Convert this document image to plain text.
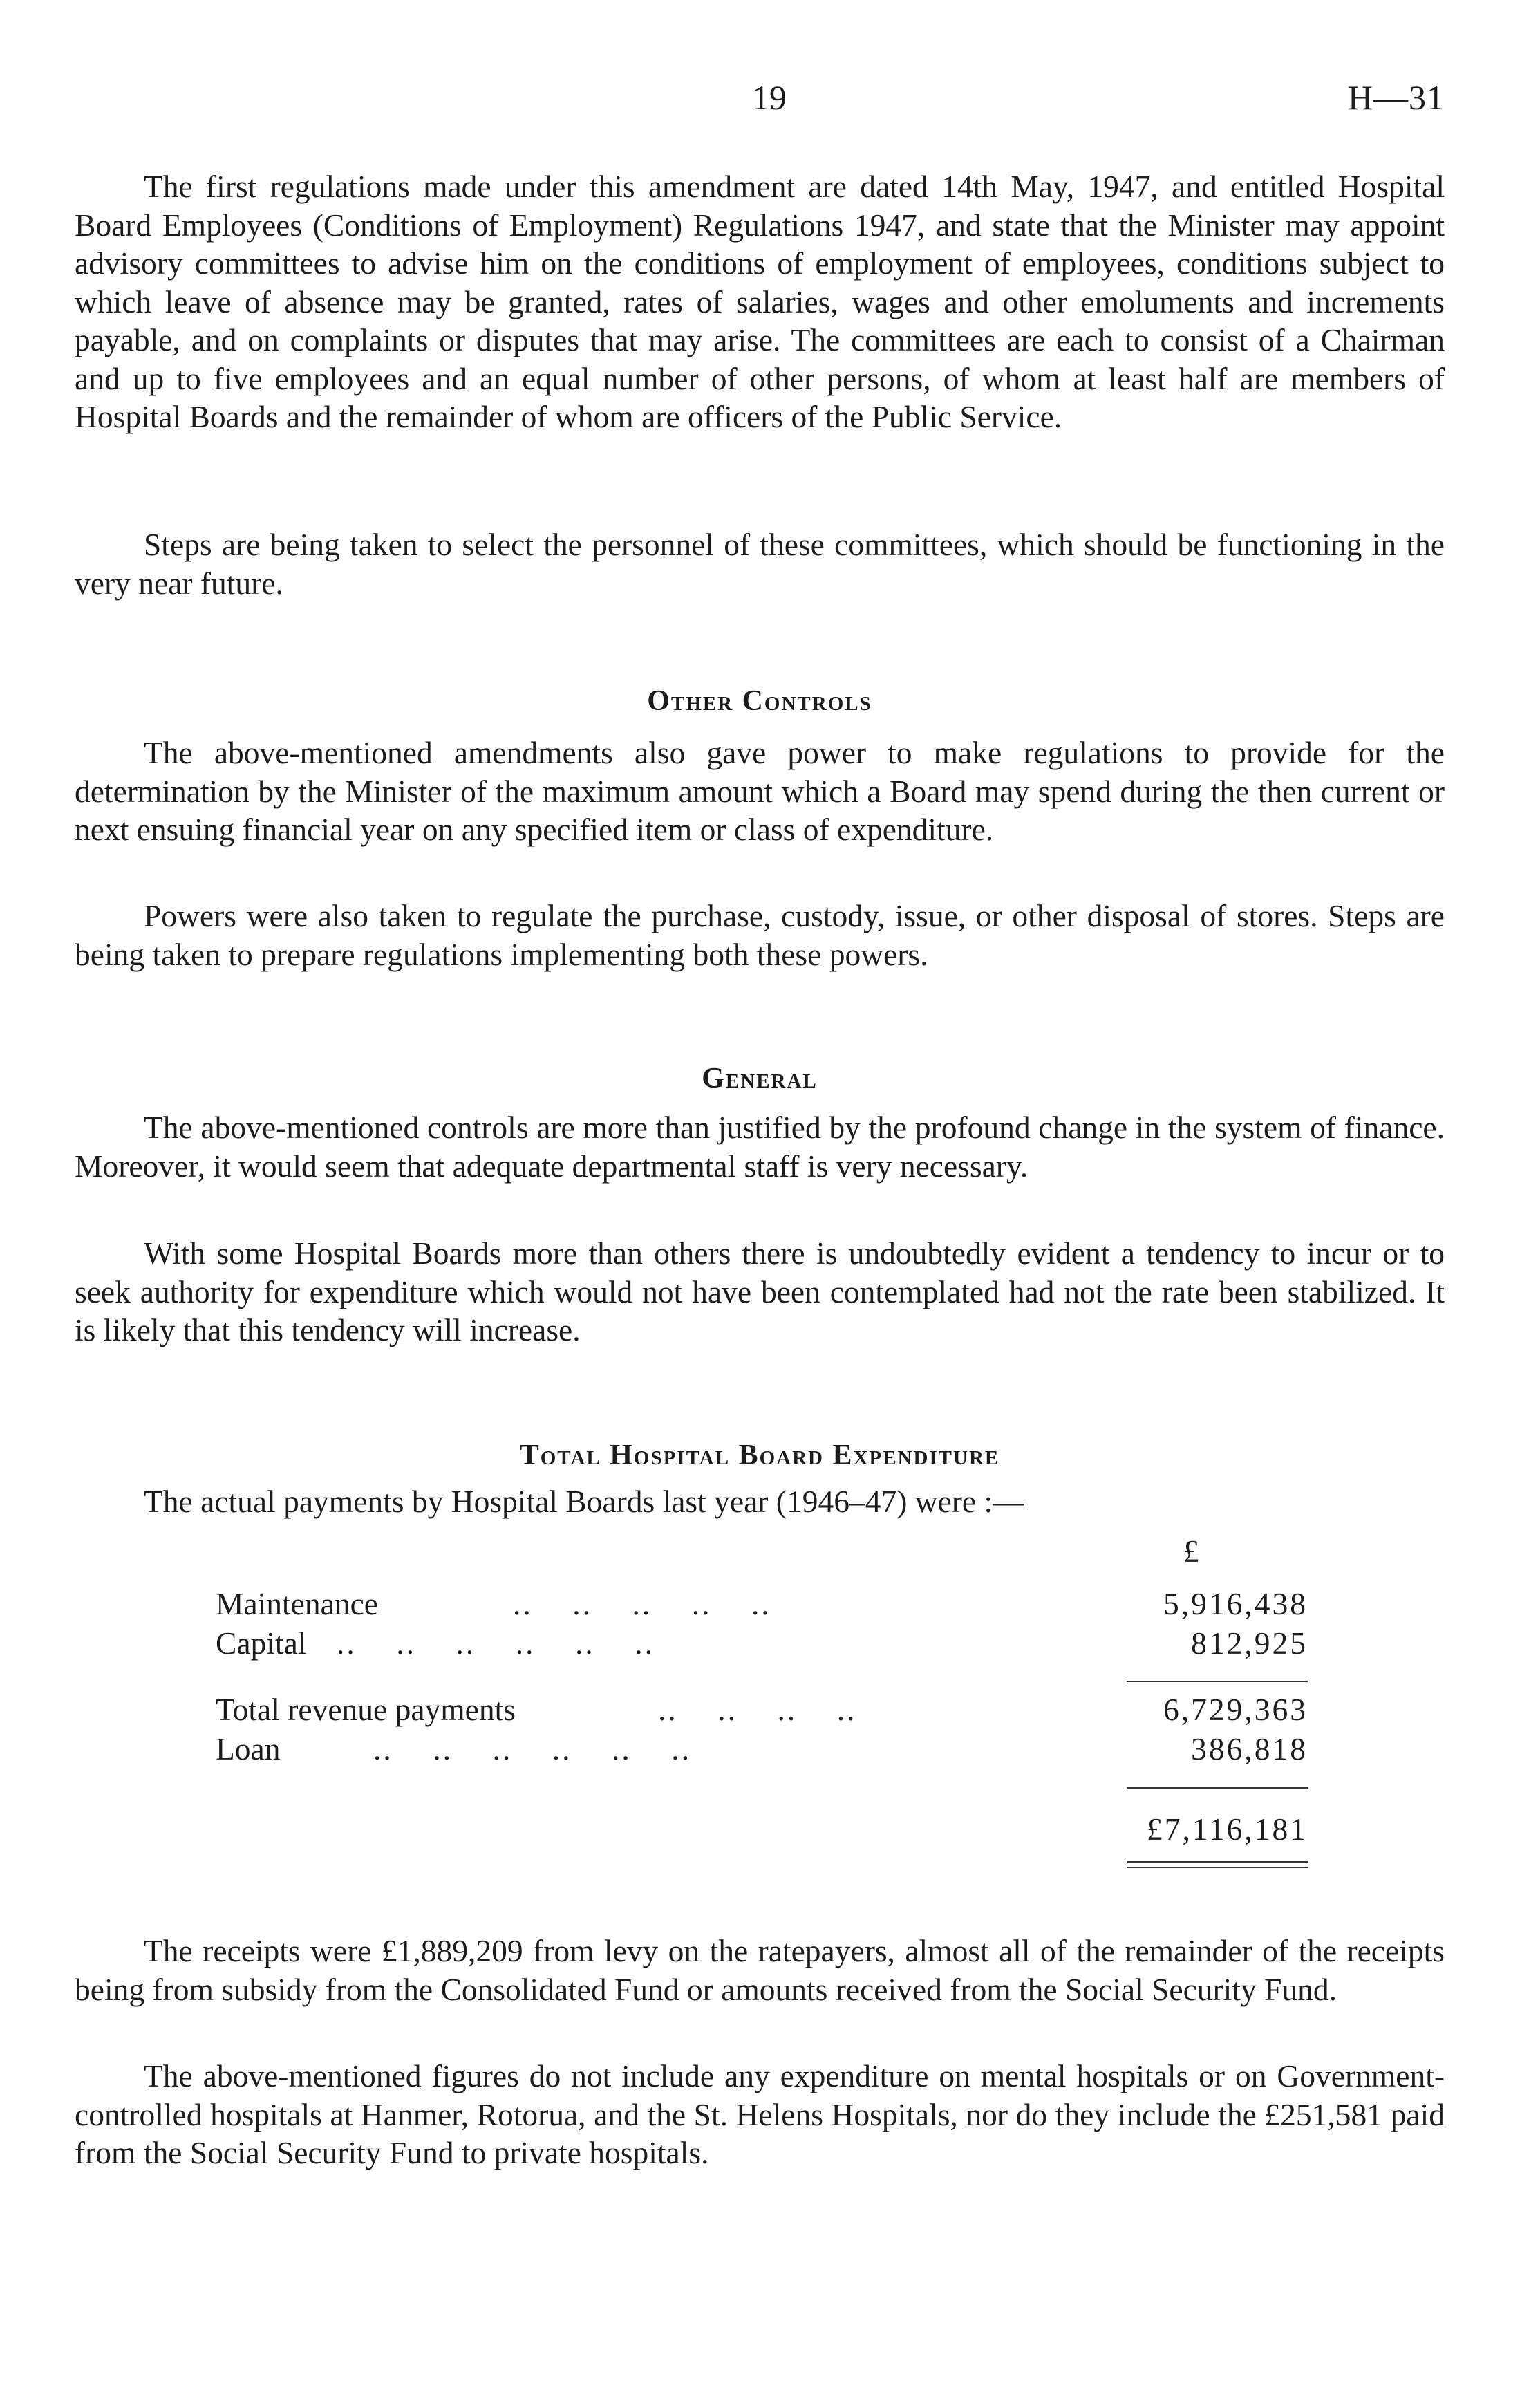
19	H—31

The first regulations made under this amendment are dated 14th May, 1947, and entitled Hospital Board Employees (Conditions of Employment) Regulations 1947, and state that the Minister may appoint advisory committees to advise him on the conditions of employment of employees, conditions subject to which leave of absence may be granted, rates of salaries, wages and other emoluments and increments payable, and on complaints or disputes that may arise. The committees are each to consist of a Chairman and up to five employees and an equal number of other persons, of whom at least half are members of Hospital Boards and the remainder of whom are officers of the Public Service.

Steps are being taken to select the personnel of these committees, which should be functioning in the very near future.

Other Controls

The above-mentioned amendments also gave power to make regulations to provide for the determination by the Minister of the maximum amount which a Board may spend during the then current or next ensuing financial year on any specified item or class of expenditure.

Powers were also taken to regulate the purchase, custody, issue, or other disposal of stores. Steps are being taken to prepare regulations implementing both these powers.

General

The above-mentioned controls are more than justified by the profound change in the system of finance. Moreover, it would seem that adequate departmental staff is very necessary.

With some Hospital Boards more than others there is undoubtedly evident a tendency to incur or to seek authority for expenditure which would not have been contemplated had not the rate been stabilized. It is likely that this tendency will increase.

Total Hospital Board Expenditure
The actual payments by Hospital Boards last year (1946–47) were :—
£
Maintenance	..    ..    ..    ..    ..	5,916,438
Capital ..    ..    ..    ..    ..    ..	812,925
Total revenue payments	..    ..    ..    ..	6,729,363
Loan	..    ..    ..    ..    ..    ..	386,818
£7,116,181

The receipts were £1,889,209 from levy on the ratepayers, almost all of the remainder of the receipts being from subsidy from the Consolidated Fund or amounts received from the Social Security Fund.

The above-mentioned figures do not include any expenditure on mental hospitals or on Government-controlled hospitals at Hanmer, Rotorua, and the St. Helens Hospitals, nor do they include the £251,581 paid from the Social Security Fund to private hospitals.
